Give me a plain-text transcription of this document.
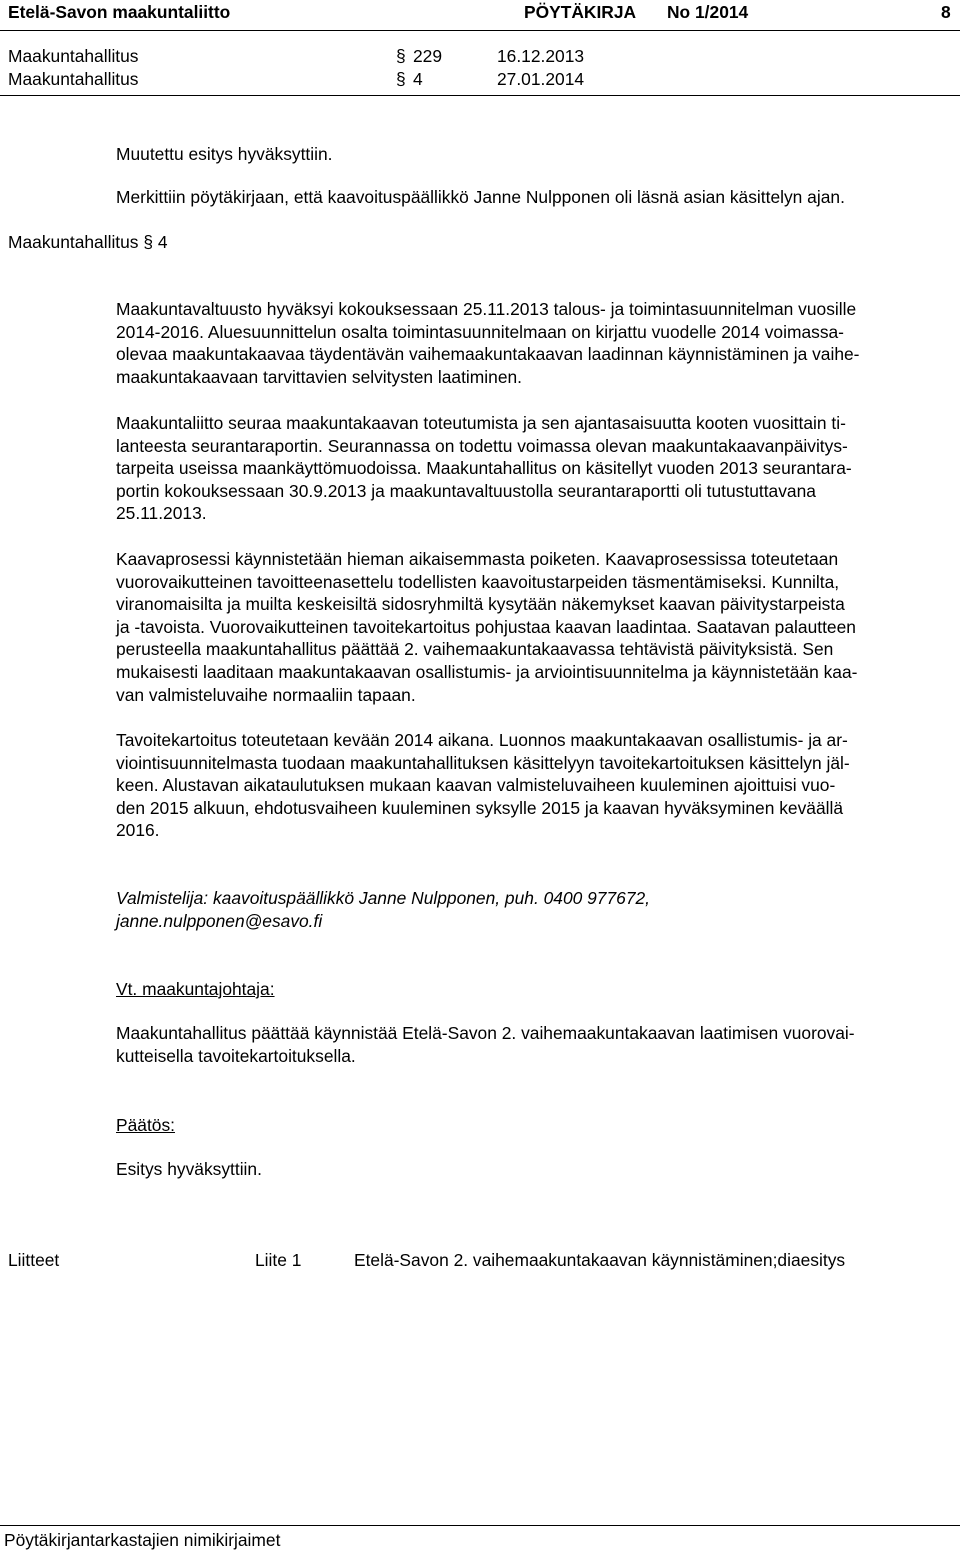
Etelä-Savon maakuntaliitto	PÖYTÄKIRJA No 1/2014	8
Maakuntahallitus	§ 229	16.12.2013
Maakuntahallitus	§ 4	27.01.2014
Muutettu esitys hyväksyttiin.
Merkittiin pöytäkirjaan, että kaavoituspäällikkö Janne Nulpponen oli läsnä asian käsittelyn ajan.
Maakuntahallitus § 4
Maakuntavaltuusto hyväksyi kokouksessaan 25.11.2013 talous- ja toimintasuunnitelman vuosille
2014-2016. Aluesuunnittelun osalta toimintasuunnitelmaan on kirjattu vuodelle 2014 voimassa-
olevaa maakuntakaavaa täydentävän vaihemaakuntakaavan laadinnan käynnistäminen ja vaihe-
maakuntakaavaan tarvittavien selvitysten laatiminen.
Maakuntaliitto seuraa maakuntakaavan toteutumista ja sen ajantasaisuutta kooten vuosittain ti-
lanteesta seurantaraportin. Seurannassa on todettu voimassa olevan maakuntakaavanpäivitys-
tarpeita useissa maankäyttömuodoissa. Maakuntahallitus on käsitellyt vuoden 2013 seurantara-
portin kokouksessaan 30.9.2013 ja maakuntavaltuustolla seurantaraportti oli tutustuttavana
25.11.2013.
Kaavaprosessi käynnistetään hieman aikaisemmasta poiketen. Kaavaprosessissa toteutetaan
vuorovaikutteinen tavoitteenasettelu todellisten kaavoitustarpeiden täsmentämiseksi. Kunnilta,
viranomaisilta ja muilta keskeisiltä sidosryhmiltä kysytään näkemykset kaavan päivitystarpeista
ja -tavoista. Vuorovaikutteinen tavoitekartoitus pohjustaa kaavan laadintaa. Saatavan palautteen
perusteella maakuntahallitus päättää 2. vaihemaakuntakaavassa tehtävistä päivityksistä. Sen
mukaisesti laaditaan maakuntakaavan osallistumis- ja arviointisuunnitelma ja käynnistetään kaa-
van valmisteluvaihe normaaliin tapaan.
Tavoitekartoitus toteutetaan kevään 2014 aikana. Luonnos maakuntakaavan osallistumis- ja ar-
viointisuunnitelmasta tuodaan maakuntahallituksen käsittelyyn tavoitekartoituksen käsittelyn jäl-
keen. Alustavan aikataulutuksen mukaan kaavan valmisteluvaiheen kuuleminen ajoittuisi vuo-
den 2015 alkuun, ehdotusvaiheen kuuleminen syksylle 2015 ja kaavan hyväksyminen keväällä
2016.
Valmistelija: kaavoituspäällikkö Janne Nulpponen, puh. 0400 977672,
janne.nulpponen@esavo.fi
Vt. maakuntajohtaja:
Maakuntahallitus päättää käynnistää Etelä-Savon 2. vaihemaakuntakaavan laatimisen vuorovai-
kutteisella tavoitekartoituksella.
Päätös:
Esitys hyväksyttiin.
Liitteet	Liite 1	Etelä-Savon 2. vaihemaakuntakaavan käynnistäminen;diaesitys
Pöytäkirjantarkastajien nimikirjaimet
